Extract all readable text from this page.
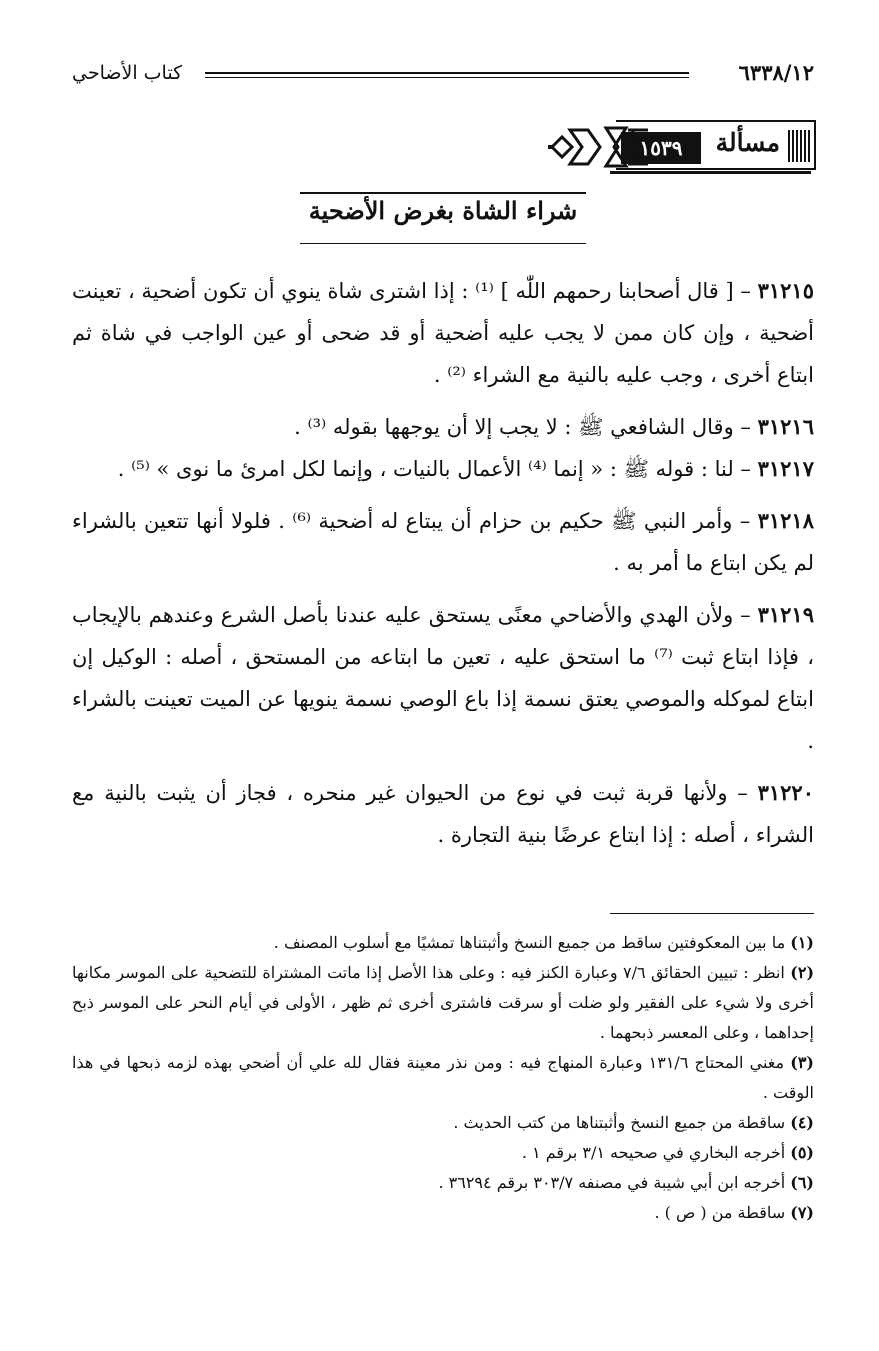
٦٣٣٨/١٢
كتاب الأضاحي
مسألة
١٥٣٩
شراء الشاة بغرض الأضحية

٣١٢١٥ – [ قال أصحابنا رحمهم اللّٰه ] ⁽¹⁾ : إذا اشترى شاة ينوي أن تكون أضحية ، تعينت أضحية ، وإن كان ممن لا يجب عليه أضحية أو قد ضحى أو عين الواجب في شاة ثم ابتاع أخرى ، وجب عليه بالنية مع الشراء ⁽²⁾ .

٣١٢١٦ – وقال الشافعي ﷺ : لا يجب إلا أن يوجهها بقوله ⁽³⁾ .

٣١٢١٧ – لنا : قوله ﷺ : « إنما ⁽⁴⁾ الأعمال بالنيات ، وإنما لكل امرئ ما نوى » ⁽⁵⁾ .

٣١٢١٨ – وأمر النبي ﷺ حكيم بن حزام أن يبتاع له أضحية ⁽⁶⁾ . فلولا أنها تتعين بالشراء لم يكن ابتاع ما أمر به .

٣١٢١٩ – ولأن الهدي والأضاحي معنًى يستحق عليه عندنا بأصل الشرع وعندهم بالإيجاب ، فإذا ابتاع ثبت ⁽⁷⁾ ما استحق عليه ، تعين ما ابتاعه من المستحق ، أصله : الوكيل إن ابتاع لموكله والموصي يعتق نسمة إذا باع الوصي نسمة ينويها عن الميت تعينت بالشراء .

٣١٢٢٠ – ولأنها قربة ثبت في نوع من الحيوان غير منحره ، فجاز أن يثبت بالنية مع الشراء ، أصله : إذا ابتاع عرضًا بنية التجارة .

(١) ما بين المعكوفتين ساقط من جميع النسخ وأثبتناها تمشيًا مع أسلوب المصنف .

(٢) انظر : تبيين الحقائق ٧/٦ وعبارة الكنز فيه : وعلى هذا الأصل إذا ماتت المشتراة للتضحية على الموسر مكانها أخرى ولا شيء على الفقير ولو ضلت أو سرقت فاشترى أخرى ثم ظهر ، الأولى في أيام النحر على الموسر ذبح إحداهما ، وعلى المعسر ذبحهما .

(٣) مغني المحتاج ١٣١/٦ وعبارة المنهاج فيه : ومن نذر معينة فقال لله علي أن أضحي بهذه لزمه ذبحها في هذا الوقت .

(٤) ساقطة من جميع النسخ وأثبتناها من كتب الحديث .

(٥) أخرجه البخاري في صحيحه ٣/١ برقم ١ .

(٦) أخرجه ابن أبي شيبة في مصنفه ٣٠٣/٧ برقم ٣٦٢٩٤ .

(٧) ساقطة من ( ص ) .
